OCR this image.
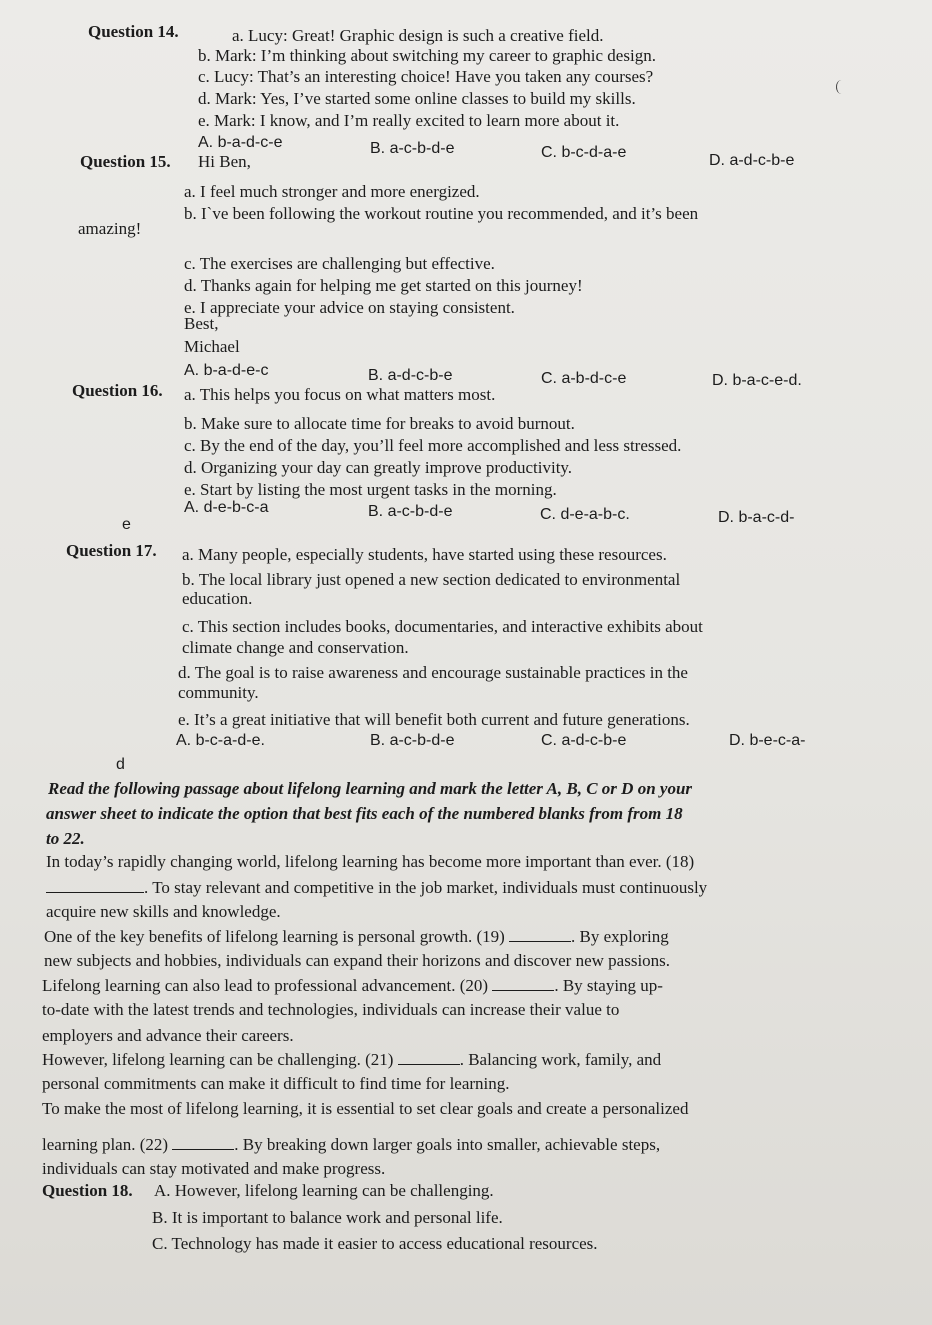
Question 14.	a. Lucy: Great! Graphic design is such a creative field.
b. Mark: I’m thinking about switching my career to graphic design.
c. Lucy: That’s an interesting choice! Have you taken any courses?
d. Mark: Yes, I’ve started some online classes to build my skills.
e. Mark: I know, and I’m really excited to learn more about it.
A. b-a-d-c-e	B. a-c-b-d-e	C. b-c-d-a-e	D. a-d-c-b-e
Question 15. Hi Ben,
a. I feel much stronger and more energized.
b. I`ve been following the workout routine you recommended, and it’s been
amazing!
c. The exercises are challenging but effective.
d. Thanks again for helping me get started on this journey!
e. I appreciate your advice on staying consistent.
Best,
Michael
A. b-a-d-e-c	B. a-d-c-b-e	C. a-b-d-c-e	D. b-a-c-e-d.
Question 16. a. This helps you focus on what matters most.
b. Make sure to allocate time for breaks to avoid burnout.
c. By the end of the day, you’ll feel more accomplished and less stressed.
d. Organizing your day can greatly improve productivity.
e. Start by listing the most urgent tasks in the morning.
A. d-e-b-c-a	B. a-c-b-d-e	C. d-e-a-b-c.	D. b-a-c-d-
e
Question 17. a. Many people, especially students, have started using these resources.
b. The local library just opened a new section dedicated to environmental
education.
c. This section includes books, documentaries, and interactive exhibits about
climate change and conservation.
d. The goal is to raise awareness and encourage sustainable practices in the
community.
e. It’s a great initiative that will benefit both current and future generations.
A. b-c-a-d-e.	B. a-c-b-d-e	C. a-d-c-b-e	D. b-e-c-a-
d
Read the following passage about lifelong learning and mark the letter A, B, C or D on your
answer sheet to indicate the option that best fits each of the numbered blanks from from 18
to 22.
In today’s rapidly changing world, lifelong learning has become more important than ever. (18)
. To stay relevant and competitive in the job market, individuals must continuously
acquire new skills and knowledge.
One of the key benefits of lifelong learning is personal growth. (19)	. By exploring
new subjects and hobbies, individuals can expand their horizons and discover new passions.
Lifelong learning can also lead to professional advancement. (20)	. By staying up-
to-date with the latest trends and technologies, individuals can increase their value to
employers and advance their careers.
However, lifelong learning can be challenging. (21)	. Balancing work, family, and
personal commitments can make it difficult to find time for learning.
To make the most of lifelong learning, it is essential to set clear goals and create a personalized
learning plan. (22)	. By breaking down larger goals into smaller, achievable steps,
individuals can stay motivated and make progress.
Question 18. A. However, lifelong learning can be challenging.
B. It is important to balance work and personal life.
C. Technology has made it easier to access educational resources.
